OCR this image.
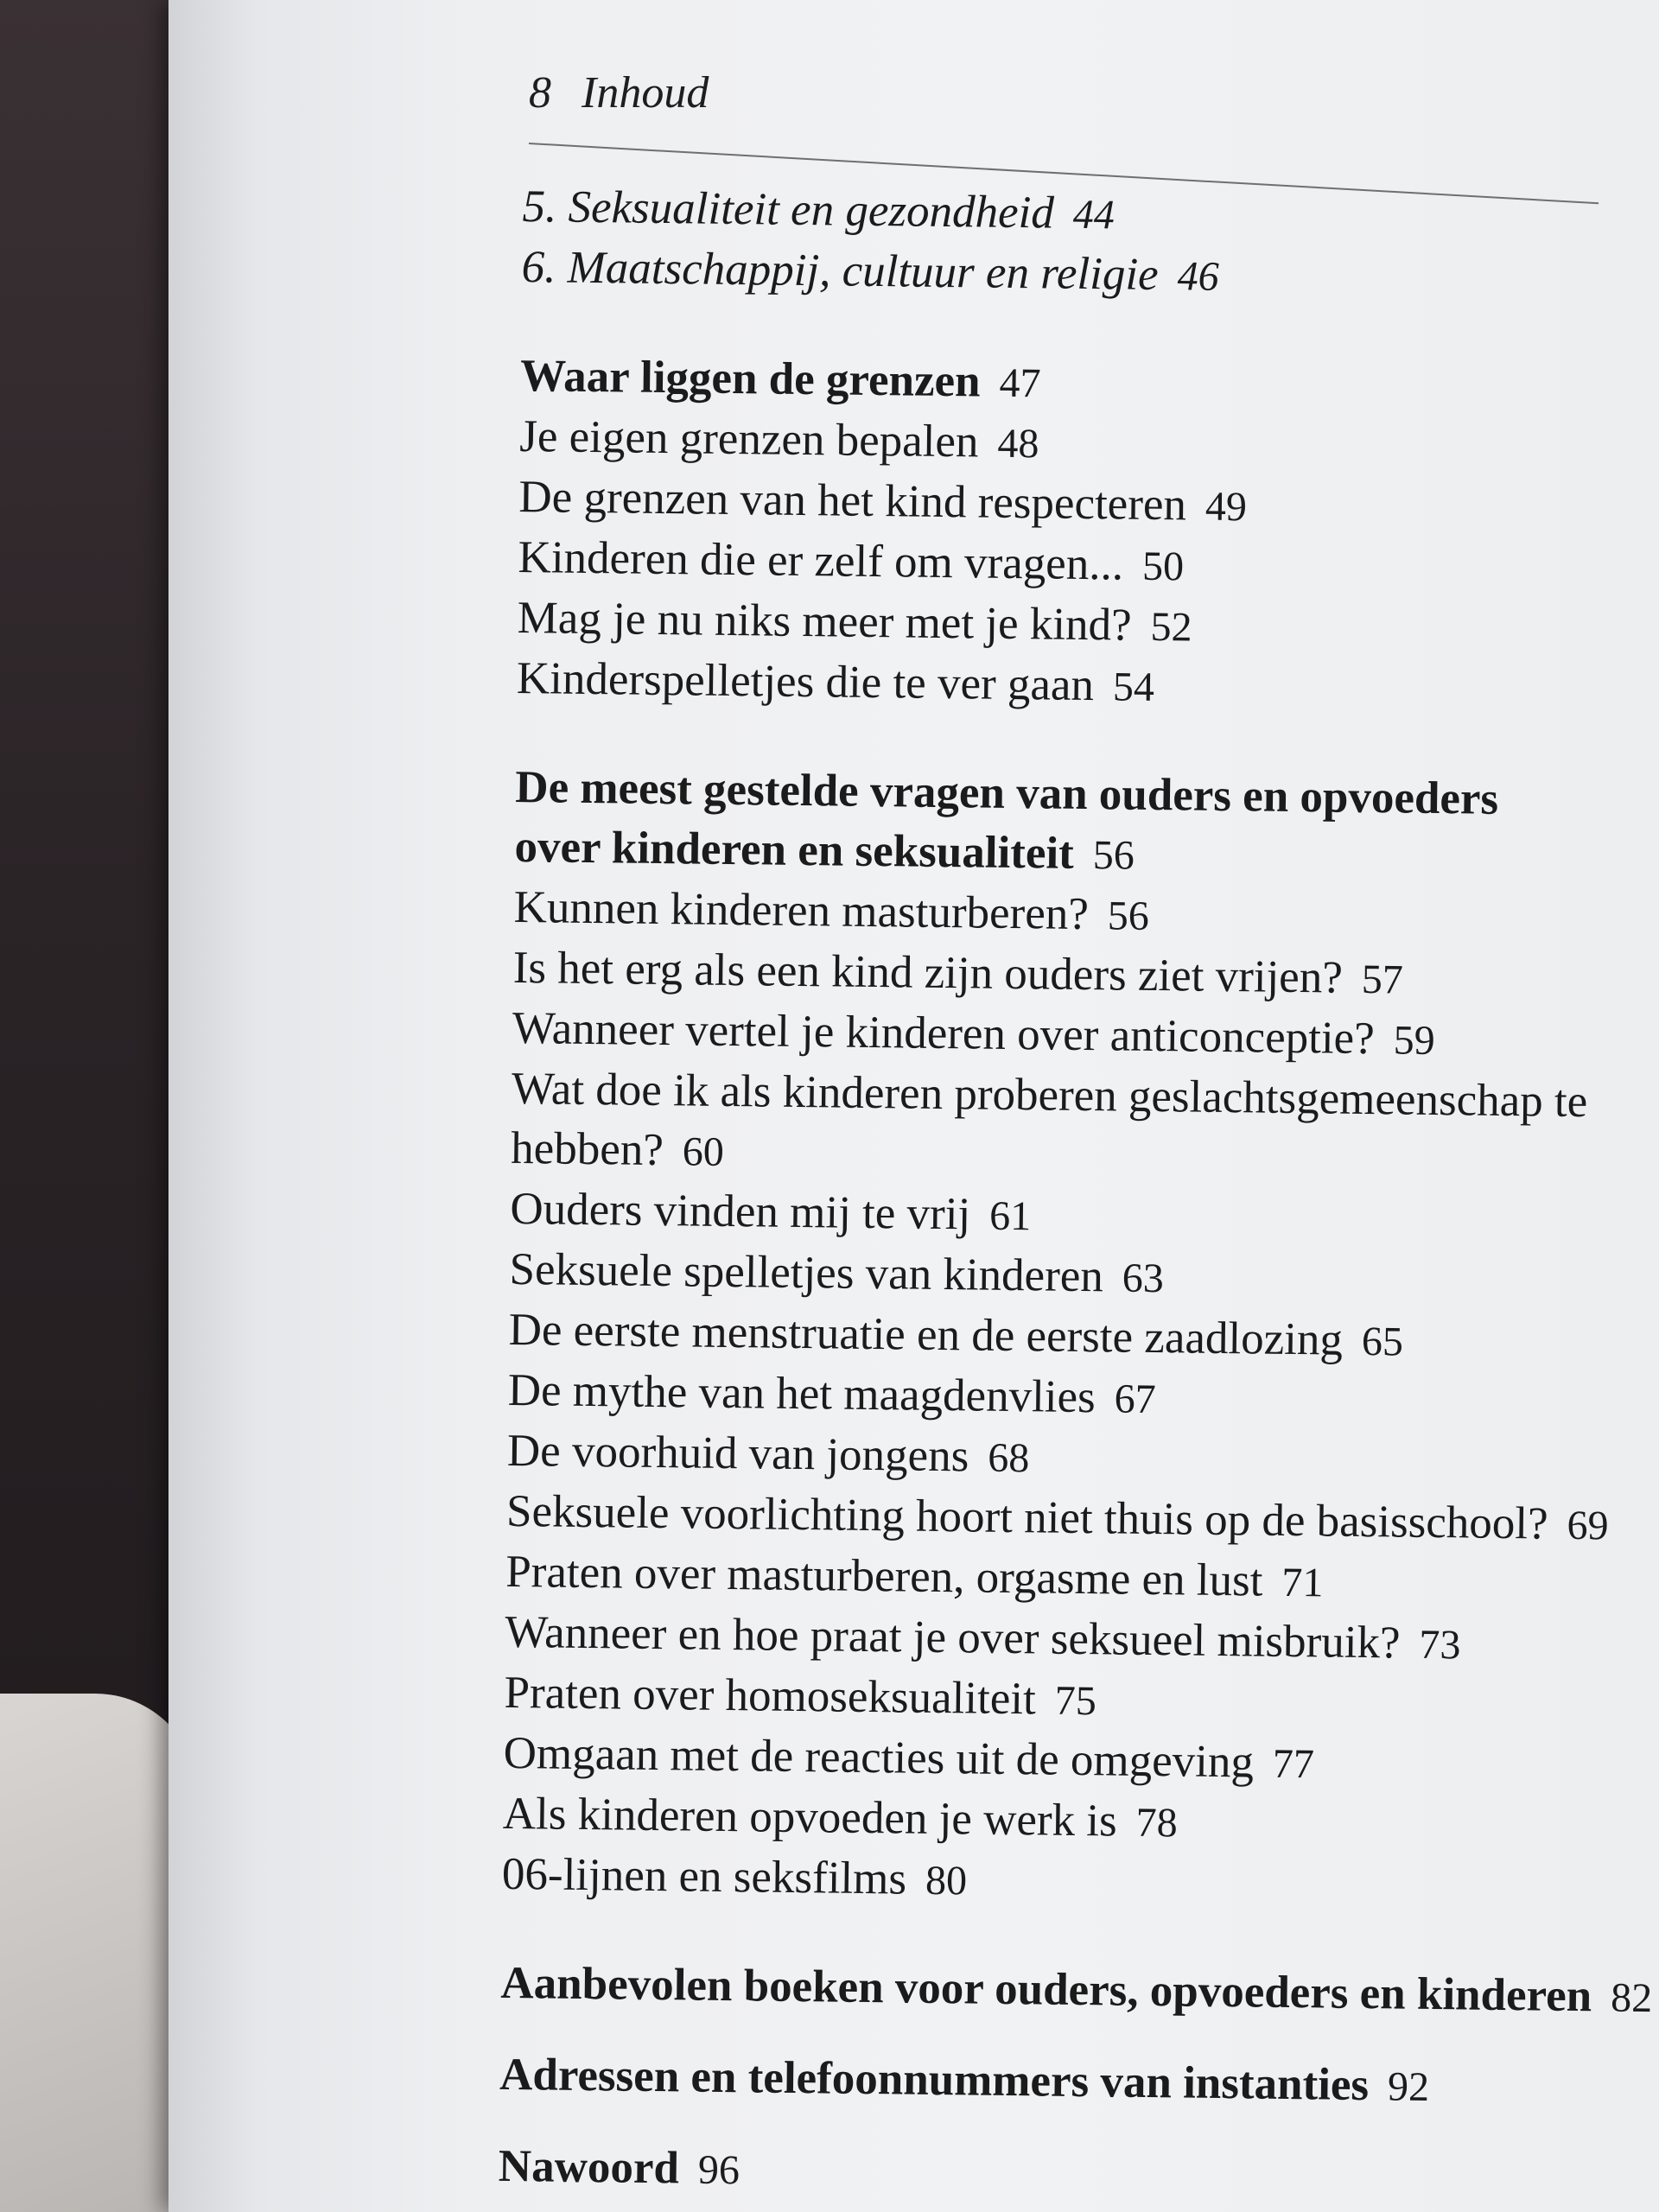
8 Inhoud
5. Seksualiteit en gezondheid 44
6. Maatschappij, cultuur en religie 46
Waar liggen de grenzen 47
Je eigen grenzen bepalen 48
De grenzen van het kind respecteren 49
Kinderen die er zelf om vragen... 50
Mag je nu niks meer met je kind? 52
Kinderspelletjes die te ver gaan 54
De meest gestelde vragen van ouders en opvoeders
over kinderen en seksualiteit 56
Kunnen kinderen masturberen? 56
Is het erg als een kind zijn ouders ziet vrijen? 57
Wanneer vertel je kinderen over anticonceptie? 59
Wat doe ik als kinderen proberen geslachtsgemeenschap te
hebben? 60
Ouders vinden mij te vrij 61
Seksuele spelletjes van kinderen 63
De eerste menstruatie en de eerste zaadlozing 65
De mythe van het maagdenvlies 67
De voorhuid van jongens 68
Seksuele voorlichting hoort niet thuis op de basisschool? 69
Praten over masturberen, orgasme en lust 71
Wanneer en hoe praat je over seksueel misbruik? 73
Praten over homoseksualiteit 75
Omgaan met de reacties uit de omgeving 77
Als kinderen opvoeden je werk is 78
06-lijnen en seksfilms 80
Aanbevolen boeken voor ouders, opvoeders en kinderen 82
Adressen en telefoonnummers van instanties 92
Nawoord 96
